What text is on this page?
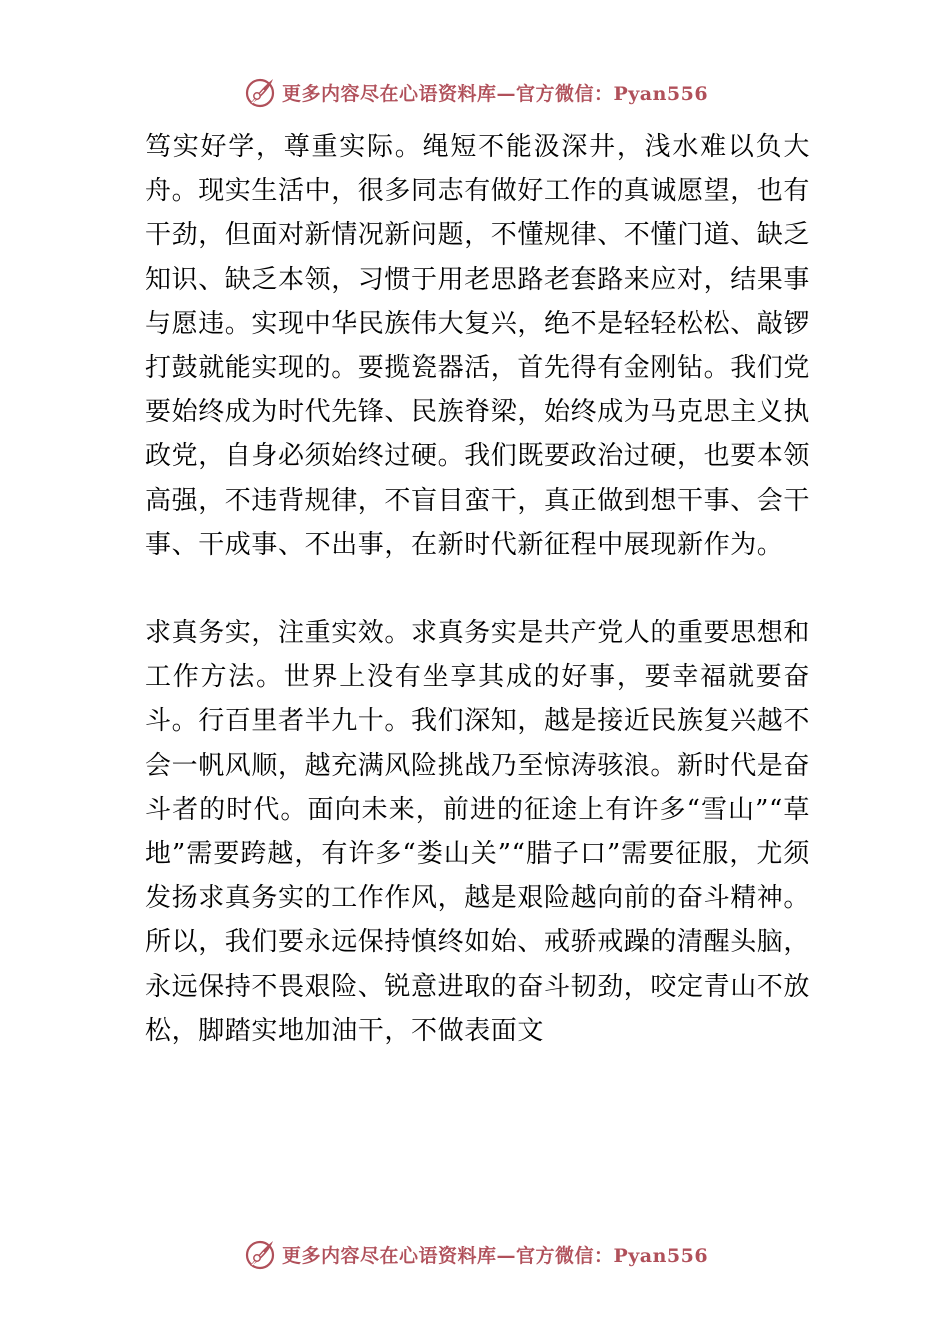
更多内容尽在心语资料库—官方微信：Pyan556

笃实好学，尊重实际。绳短不能汲深井，浅水难以负大舟。现实生活中，很多同志有做好工作的真诚愿望，也有干劲，但面对新情况新问题，不懂规律、不懂门道、缺乏知识、缺乏本领，习惯于用老思路老套路来应对，结果事与愿违。实现中华民族伟大复兴，绝不是轻轻松松、敲锣打鼓就能实现的。要揽瓷器活，首先得有金刚钻。我们党要始终成为时代先锋、民族脊梁，始终成为马克思主义执政党，自身必须始终过硬。我们既要政治过硬，也要本领高强，不违背规律，不盲目蛮干，真正做到想干事、会干事、干成事、不出事，在新时代新征程中展现新作为。

求真务实，注重实效。求真务实是共产党人的重要思想和工作方法。世界上没有坐享其成的好事，要幸福就要奋斗。行百里者半九十。我们深知，越是接近民族复兴越不会一帆风顺，越充满风险挑战乃至惊涛骇浪。新时代是奋斗者的时代。面向未来，前进的征途上有许多“雪山”“草地”需要跨越，有许多“娄山关”“腊子口”需要征服，尤须发扬求真务实的工作作风，越是艰险越向前的奋斗精神。所以，我们要永远保持慎终如始、戒骄戒躁的清醒头脑，永远保持不畏艰险、锐意进取的奋斗韧劲，咬定青山不放松，脚踏实地加油干，不做表面文

更多内容尽在心语资料库—官方微信：Pyan556
